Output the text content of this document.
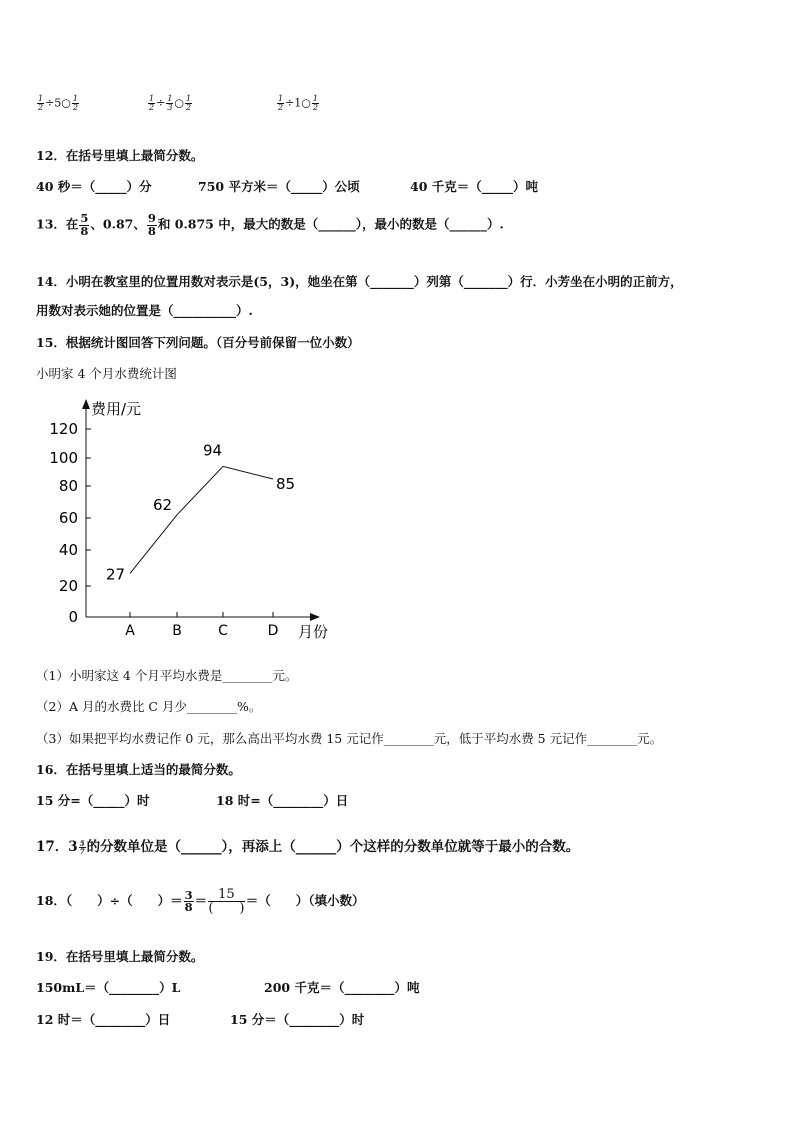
$\frac{1}{2}$ ÷5○ $\frac{1}{2}$	$\frac{1}{2} \div \frac{1}{3}$ ○ $\frac{1}{2}$	$\frac{1}{2}$ ÷1○ $\frac{1}{2}$
12．在括号里填上最简分数。
40 秒＝（_____）分	750 平方米＝（_____）公顷	40 千克＝（_____）吨
13．在 $\frac{5}{8}$ 、0.87、 $\frac{9}{8}$ 和 0.875 中，最大的数是（______），最小的数是（______）.
14．小明在教室里的位置用数对表示是(5，3)，她坐在第（_______）列第（_______）行．小芳坐在小明的正前方，
用数对表示她的位置是（__________）.
15．根据统计图回答下列问题。（百分号前保留一位小数）
小明家 4 个月水费统计图
费用/元
月份
0
20
40
60
80
100
120
A	B	C	D
27
62
94
85
（1）小明家这 4 个月平均水费是________元。
（2）A 月的水费比 C 月少________%。
（3）如果把平均水费记作 0 元，那么高出平均水费 15 元记作________元，低于平均水费 5 元记作________元。
16．在括号里填上适当的最简分数。
15 分=（_____）时	18 时=（________）日
17．$3 \frac{5}{7}$ 的分数单位是（______），再添上（______）个这样的分数单位就等于最小的合数。
18．（　　）÷（　　）＝ $\frac{3}{8} = \frac{15}{( )}$ ＝（　　）（填小数）
19．在括号里填上最简分数。
150mL＝（________）L	200 千克＝（________）吨
12 时＝（________）日	15 分＝（________）时
